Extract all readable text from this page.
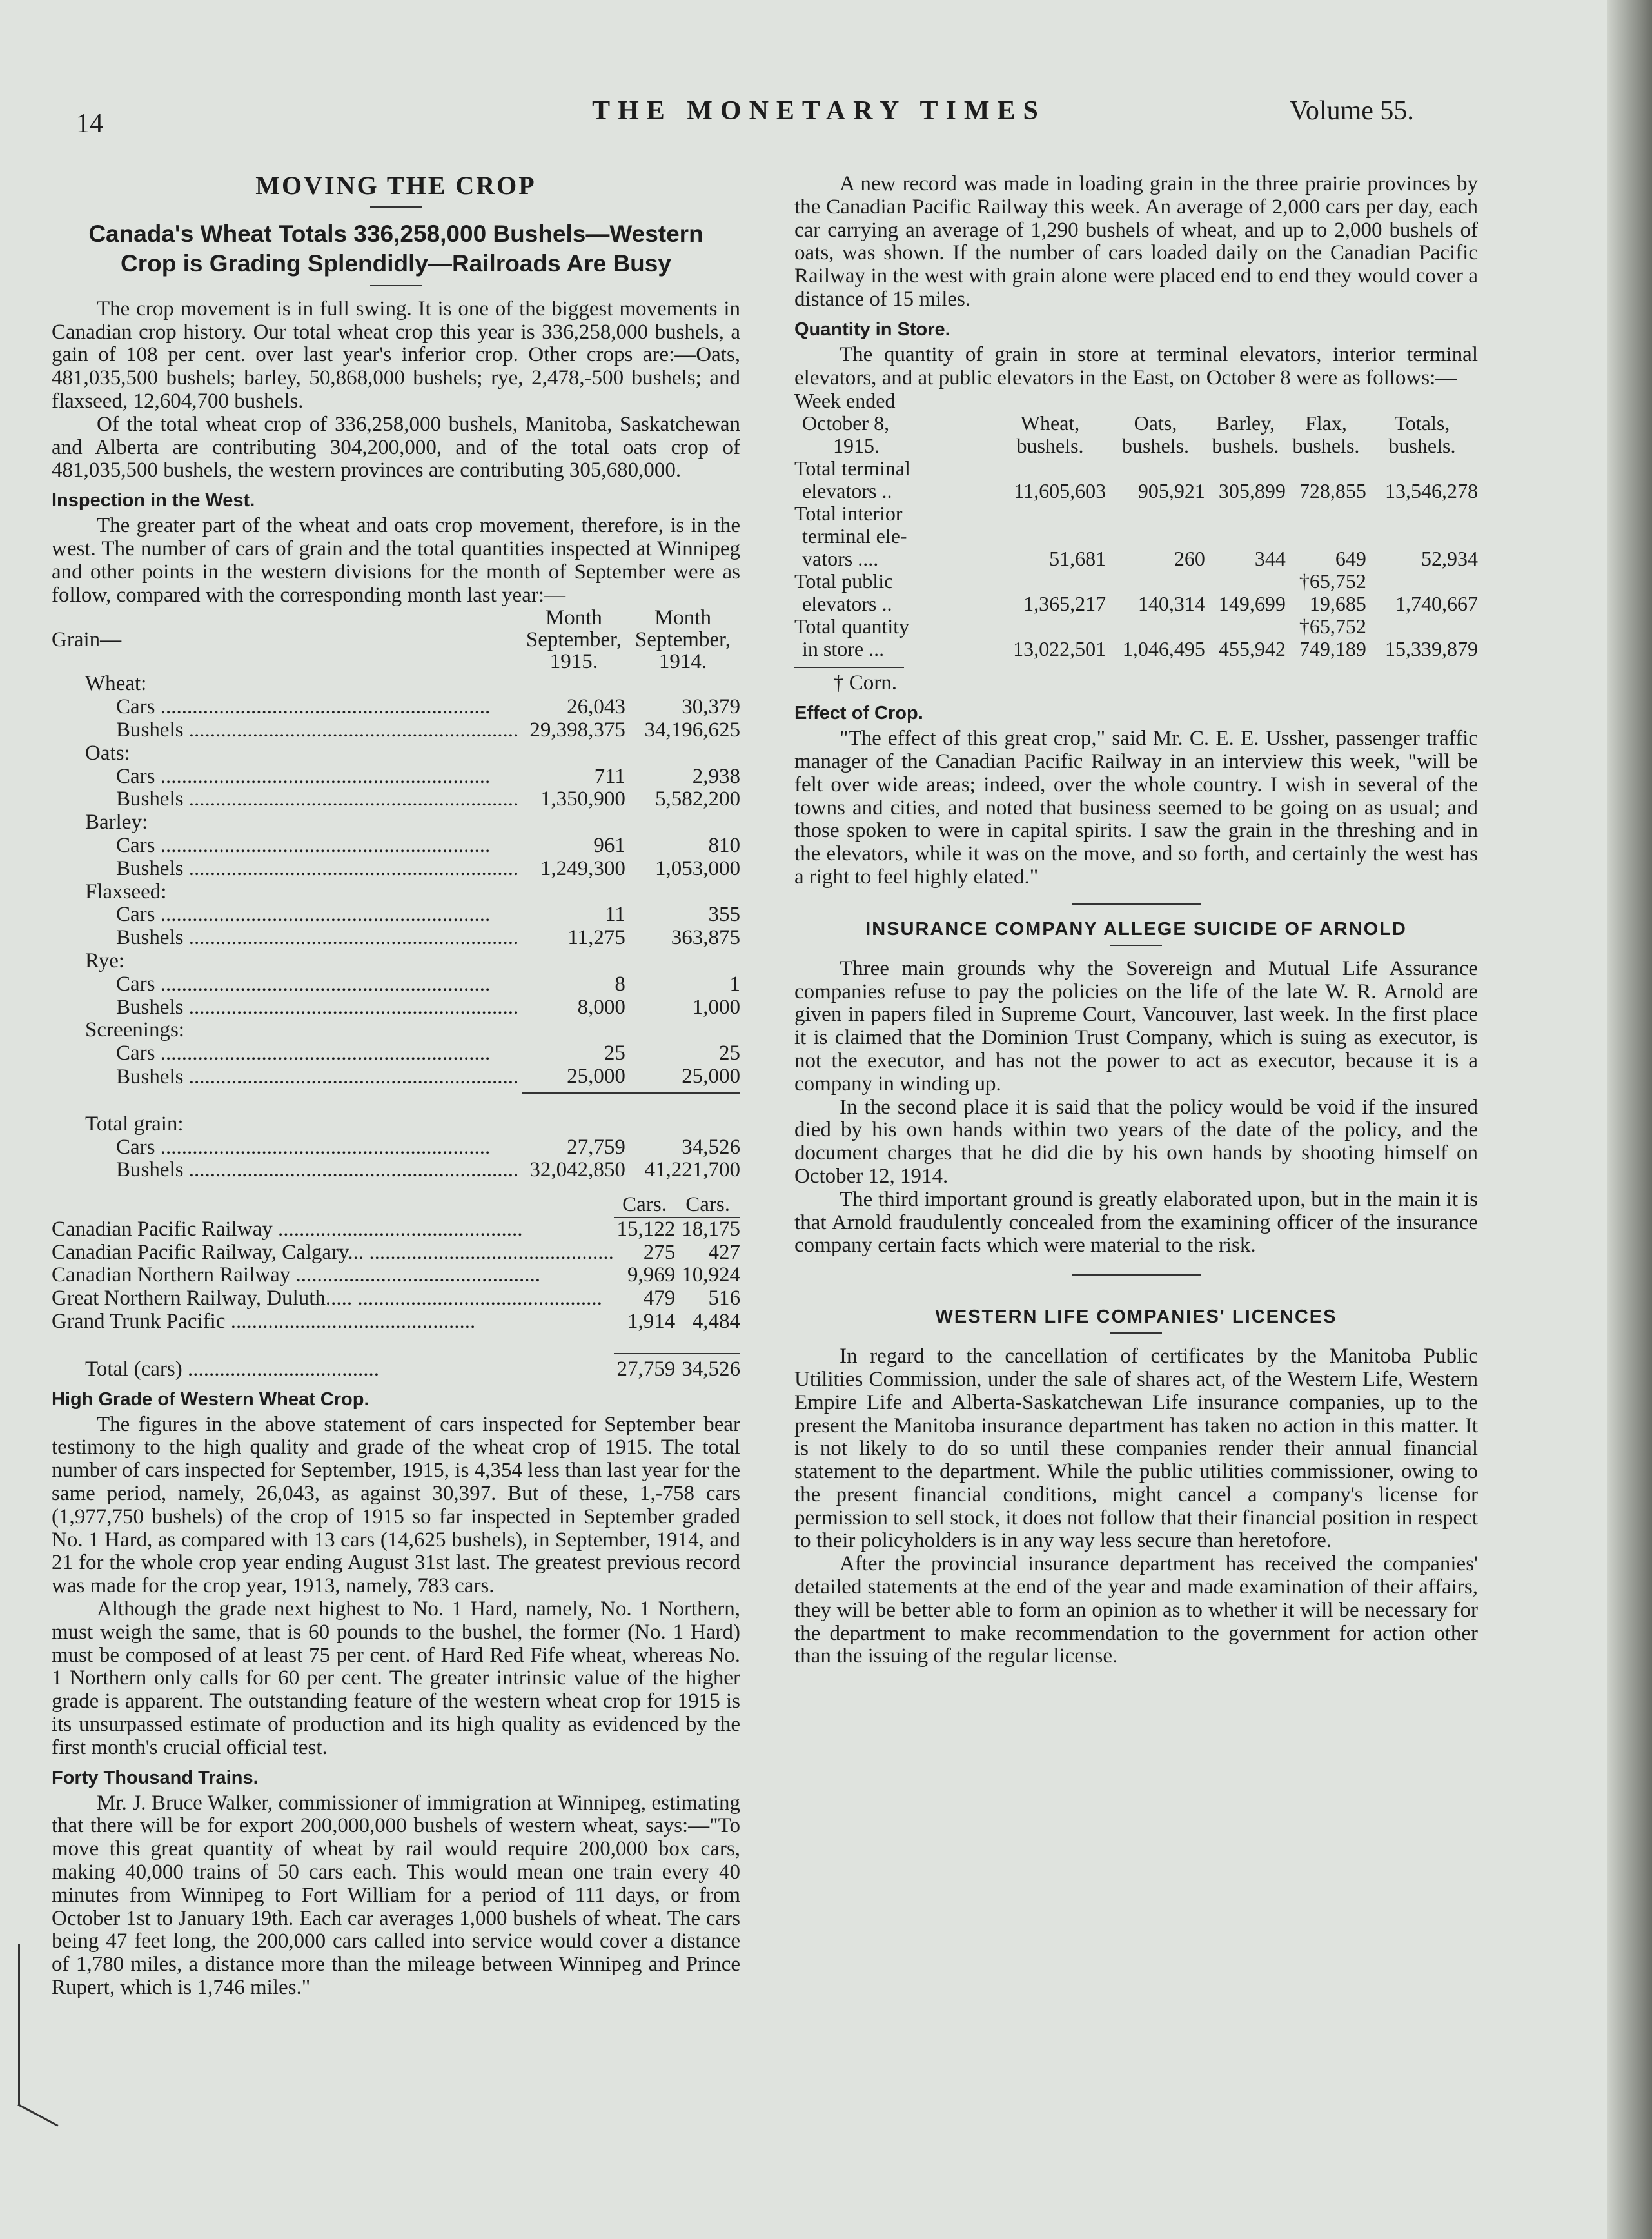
14	THE MONETARY TIMES	Volume 55.
MOVING THE CROP
Canada's Wheat Totals 336,258,000 Bushels—Western
Crop is Grading Splendidly—Railroads Are Busy

The crop movement is in full swing. It is one of the biggest movements in Canadian crop history. Our total wheat crop this year is 336,258,000 bushels, a gain of 108 per cent. over last year's inferior crop. Other crops are:—Oats, 481,035,500 bushels; barley, 50,868,000 bushels; rye, 2,478,-500 bushels; and flaxseed, 12,604,700 bushels.

Of the total wheat crop of 336,258,000 bushels, Manitoba, Saskatchewan and Alberta are contributing 304,200,000, and of the total oats crop of 481,035,500 bushels, the western provinces are contributing 305,680,000.

Inspection in the West.

The greater part of the wheat and oats crop movement, therefore, is in the west. The number of cars of grain and the total quantities inspected at Winnipeg and other points in the western divisions for the month of September were as follow, compared with the corresponding month last year:—

	Month	Month
Grain—	September,	September,
	1915.	1914.
Wheat:		
Cars ..............................................................	26,043	30,379
Bushels ..............................................................	29,398,375	34,196,625
Oats:		
Cars ..............................................................	711	2,938
Bushels ..............................................................	1,350,900	5,582,200
Barley:		
Cars ..............................................................	961	810
Bushels ..............................................................	1,249,300	1,053,000
Flaxseed:		
Cars ..............................................................	11	355
Bushels ..............................................................	11,275	363,875
Rye:		
Cars ..............................................................	8	1
Bushels ..............................................................	8,000	1,000
Screenings:		
Cars ..............................................................	25	25
Bushels ..............................................................	25,000	25,000

Total grain:		
Cars ..............................................................	27,759	34,526
Bushels ..............................................................	32,042,850	41,221,700
	Cars.	Cars.
Canadian Pacific Railway ..............................................	15,122	18,175
Canadian Pacific Railway, Calgary... ..............................................	275	427
Canadian Northern Railway ..............................................	9,969	10,924
Great Northern Railway, Duluth..... ..............................................	479	516
Grand Trunk Pacific ..............................................	1,914	4,484

Total (cars) ....................................	27,759	34,526
High Grade of Western Wheat Crop.

The figures in the above statement of cars inspected for September bear testimony to the high quality and grade of the wheat crop of 1915. The total number of cars inspected for September, 1915, is 4,354 less than last year for the same period, namely, 26,043, as against 30,397. But of these, 1,-758 cars (1,977,750 bushels) of the crop of 1915 so far inspected in September graded No. 1 Hard, as compared with 13 cars (14,625 bushels), in September, 1914, and 21 for the whole crop year ending August 31st last. The greatest previous record was made for the crop year, 1913, namely, 783 cars.

Although the grade next highest to No. 1 Hard, namely, No. 1 Northern, must weigh the same, that is 60 pounds to the bushel, the former (No. 1 Hard) must be composed of at least 75 per cent. of Hard Red Fife wheat, whereas No. 1 Northern only calls for 60 per cent. The greater intrinsic value of the higher grade is apparent. The outstanding feature of the western wheat crop for 1915 is its unsurpassed estimate of production and its high quality as evidenced by the first month's crucial official test.

Forty Thousand Trains.

Mr. J. Bruce Walker, commissioner of immigration at Winnipeg, estimating that there will be for export 200,000,000 bushels of western wheat, says:—"To move this great quantity of wheat by rail would require 200,000 box cars, making 40,000 trains of 50 cars each. This would mean one train every 40 minutes from Winnipeg to Fort William for a period of 111 days, or from October 1st to January 19th. Each car averages 1,000 bushels of wheat. The cars being 47 feet long, the 200,000 cars called into service would cover a distance of 1,780 miles, a distance more than the mileage between Winnipeg and Prince Rupert, which is 1,746 miles."

A new record was made in loading grain in the three prairie provinces by the Canadian Pacific Railway this week. An average of 2,000 cars per day, each car carrying an average of 1,290 bushels of wheat, and up to 2,000 bushels of oats, was shown. If the number of cars loaded daily on the Canadian Pacific Railway in the west with grain alone were placed end to end they would cover a distance of 15 miles.

Quantity in Store.

The quantity of grain in store at terminal elevators, interior terminal elevators, and at public elevators in the East, on October 8 were as follows:—

Week ended					
October 8,	Wheat,	Oats,	Barley,	Flax,	Totals,
1915.	bushels.	bushels.	bushels.	bushels.	bushels.
Total terminal					
elevators ..	11,605,603	905,921	305,899	728,855	13,546,278
Total interior					
terminal ele-					
vators ....	51,681	260	344	649	52,934
Total public				†65,752	
elevators ..	1,365,217	140,314	149,699	19,685	1,740,667
Total quantity				†65,752	
in store ...	13,022,501	1,046,495	455,942	749,189	15,339,879
† Corn.
Effect of Crop.

"The effect of this great crop," said Mr. C. E. E. Ussher, passenger traffic manager of the Canadian Pacific Railway in an interview this week, "will be felt over wide areas; indeed, over the whole country. I wish in several of the towns and cities, and noted that business seemed to be going on as usual; and those spoken to were in capital spirits. I saw the grain in the threshing and in the elevators, while it was on the move, and so forth, and certainly the west has a right to feel highly elated."

INSURANCE COMPANY ALLEGE SUICIDE OF ARNOLD

Three main grounds why the Sovereign and Mutual Life Assurance companies refuse to pay the policies on the life of the late W. R. Arnold are given in papers filed in Supreme Court, Vancouver, last week. In the first place it is claimed that the Dominion Trust Company, which is suing as executor, is not the executor, and has not the power to act as executor, because it is a company in winding up.

In the second place it is said that the policy would be void if the insured died by his own hands within two years of the date of the policy, and the document charges that he did die by his own hands by shooting himself on October 12, 1914.

The third important ground is greatly elaborated upon, but in the main it is that Arnold fraudulently concealed from the examining officer of the insurance company certain facts which were material to the risk.

WESTERN LIFE COMPANIES' LICENCES

In regard to the cancellation of certificates by the Manitoba Public Utilities Commission, under the sale of shares act, of the Western Life, Western Empire Life and Alberta-Saskatchewan Life insurance companies, up to the present the Manitoba insurance department has taken no action in this matter. It is not likely to do so until these companies render their annual financial statement to the department. While the public utilities commissioner, owing to the present financial conditions, might cancel a company's license for permission to sell stock, it does not follow that their financial position in respect to their policyholders is in any way less secure than heretofore.

After the provincial insurance department has received the companies' detailed statements at the end of the year and made examination of their affairs, they will be better able to form an opinion as to whether it will be necessary for the department to make recommendation to the government for action other than the issuing of the regular license.
